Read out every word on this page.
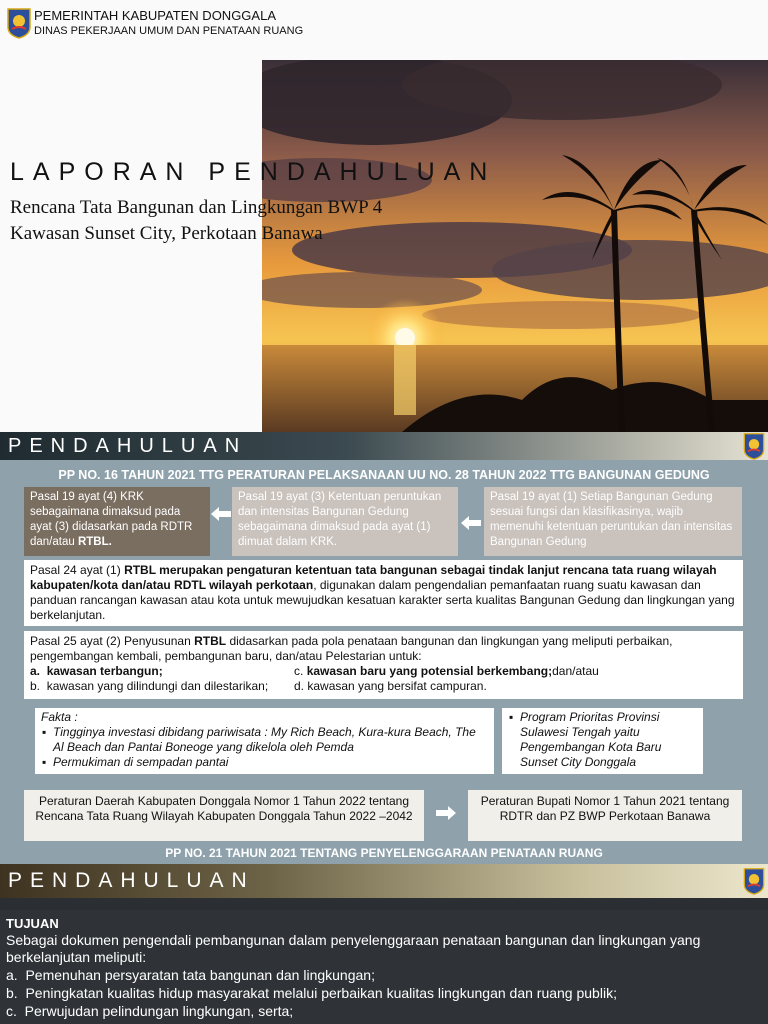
PEMERINTAH KABUPATEN DONGGALA
DINAS PEKERJAAN UMUM DAN PENATAAN RUANG
LAPORAN PENDAHULUAN
Rencana Tata Bangunan dan Lingkungan BWP 4
Kawasan Sunset City, Perkotaan Banawa
PENDAHULUAN
PP NO. 16 TAHUN 2021 TTG PERATURAN PELAKSANAAN UU NO. 28 TAHUN 2022 TTG BANGUNAN GEDUNG
Pasal 19 ayat (4) KRK sebagaimana dimaksud pada ayat (3) didasarkan pada RDTR dan/atau RTBL.
Pasal 19 ayat (3) Ketentuan peruntukan dan intensitas Bangunan Gedung sebagaimana dimaksud pada ayat (1) dimuat dalam KRK.
Pasal 19 ayat (1) Setiap Bangunan Gedung sesuai fungsi dan klasifikasinya, wajib memenuhi ketentuan peruntukan dan intensitas Bangunan Gedung
Pasal 24 ayat (1) RTBL merupakan pengaturan ketentuan tata bangunan sebagai tindak lanjut rencana tata ruang wilayah kabupaten/kota dan/atau RDTL wilayah perkotaan, digunakan dalam pengendalian pemanfaatan ruang suatu kawasan dan panduan rancangan kawasan atau kota untuk mewujudkan kesatuan karakter serta kualitas Bangunan Gedung dan lingkungan yang berkelanjutan.
Pasal 25 ayat (2) Penyusunan RTBL didasarkan pada pola penataan bangunan dan lingkungan yang meliputi perbaikan, pengembangan kembali, pembangunan baru, dan/atau Pelestarian untuk:
a. kawasan terbangun;	c. kawasan baru yang potensial berkembang;dan/atau
b. kawasan yang dilindungi dan dilestarikan;	d. kawasan yang bersifat campuran.
Fakta :
▪ Tingginya investasi dibidang pariwisata : My Rich Beach, Kura-kura Beach, The Al Beach dan Pantai Boneoge yang dikelola oleh Pemda
▪ Permukiman di sempadan pantai
▪ Program Prioritas Provinsi Sulawesi Tengah yaitu Pengembangan Kota Baru Sunset City Donggala
Peraturan Daerah Kabupaten Donggala Nomor 1 Tahun 2022 tentang Rencana Tata Ruang Wilayah Kabupaten Donggala Tahun 2022 –2042
Peraturan Bupati Nomor 1 Tahun 2021 tentang RDTR dan PZ BWP Perkotaan Banawa
PP NO. 21 TAHUN 2021 TENTANG PENYELENGGARAAN PENATAAN RUANG
PENDAHULUAN
TUJUAN
Sebagai dokumen pengendali pembangunan dalam penyelenggaraan penataan bangunan dan lingkungan yang berkelanjutan meliputi:
a. Pemenuhan persyaratan tata bangunan dan lingkungan;
b. Peningkatan kualitas hidup masyarakat melalui perbaikan kualitas lingkungan dan ruang publik;
c. Perwujudan pelindungan lingkungan, serta;
